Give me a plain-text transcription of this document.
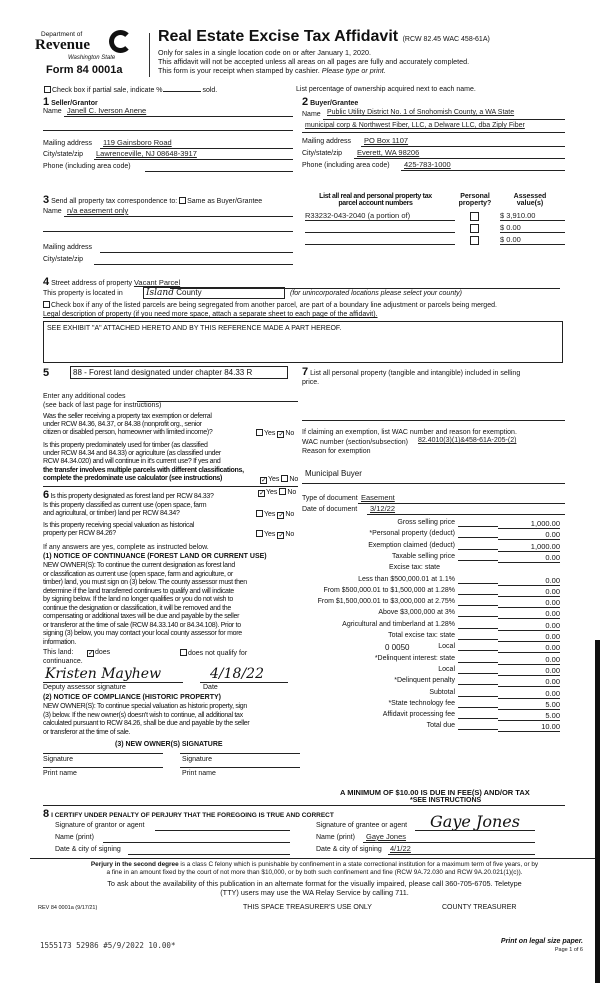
Department of
Revenue
Washington State
Form 84 0001a
Real Estate Excise Tax Affidavit (RCW 82.45 WAC 458-61A)
Only for sales in a single location code on or after January 1, 2020.
This affidavit will not be accepted unless all areas on all pages are fully and accurately completed.
This form is your receipt when stamped by cashier. Please type or print.
Check box if partial sale, indicate %	sold.	List percentage of ownership acquired next to each name.
1 Seller/Grantor
Name Janell C. Iverson Anene
Mailing address 119 Gainsboro Road
City/state/zip Lawrenceville, NJ 08648-3917
Phone (including area code)
2 Buyer/Grantee
Name Public Utility District No. 1 of Snohomish County, a WA State
municipal corp & Northwest Fiber, LLC, a Delware LLC, dba Ziply Fiber
Mailing address PO Box 1107
City/state/zip Everett, WA 98206
Phone (including area code) 425-783-1000
3 Send all property tax correspondence to: Same as Buyer/Grantee
Name n/a easement only
Mailing address
City/state/zip
List all real and personal property tax
parcel account numbers
Personal
property?
Assessed
value(s)
R33232-043-2040 (a portion of)	$ 3,910.00
$ 0.00
$ 0.00
4 Street address of property Vacant Parcel
This property is located in	Island County	(for unincorporated locations please select your county)
Check box if any of the listed parcels are being segregated from another parcel, are part of a boundary line adjustment or parcels being merged.
Legal description of property (if you need more space, attach a separate sheet to each page of the affidavit).
SEE EXHIBIT "A" ATTACHED HERETO AND BY THIS REFERENCE MADE A PART HEREOF.
5	88 - Forest land designated under chapter 84.33 R
Enter any additional codes
(see back of last page for instructions)
Was the seller receiving a property tax exemption or deferral
under RCW 84.36, 84.37, or 84.38 (nonprofit org., senior
citizen or disabled person, homeowner with limited income)?	Yes ✓No
Is this property predominately used for timber (as classified
under RCW 84.34 and 84.33) or agriculture (as classified under
RCW 84.34.020) and will continue in it's current use? If yes and
the transfer involves multiple parcels with different classifications,
complete the predominate use calculator (see instructions)	✓Yes No
6 Is this property designated as forest land per RCW 84.33?	✓Yes No
Is this property classified as current use (open space, farm
and agricultural, or timber) land per RCW 84.34?	Yes ✓No
Is this property receiving special valuation as historical
property per RCW 84.26?	Yes ✓No
If any answers are yes, complete as instructed below.
(1) NOTICE OF CONTINUANCE (FOREST LAND OR CURRENT USE)
NEW OWNER(S): To continue the current designation as forest land
or classification as current use (open space, farm and agriculture, or
timber) land, you must sign on (3) below. The county assessor must then
determine if the land transferred continues to qualify and will indicate
by signing below. If the land no longer qualifies or you do not wish to
continue the designation or classification, it will be removed and the
compensating or additional taxes will be due and payable by the seller
or transferor at the time of sale (RCW 84.33.140 or 84.34.108). Prior to
signing (3) below, you may contact your local county assessor for more
information.
This land: ✓does	does not qualify for
continuance.
Kristen Mayhew	4/18/22
Deputy assessor signature	Date
(2) NOTICE OF COMPLIANCE (HISTORIC PROPERTY)
NEW OWNER(S): To continue special valuation as historic property, sign
(3) below. If the new owner(s) doesn't wish to continue, all additional tax
calculated pursuant to RCW 84.26, shall be due and payable by the seller
or transferor at the time of sale.
(3) NEW OWNER(S) SIGNATURE
Signature	Signature
Print name	Print name
7 List all personal property (tangible and intangible) included in selling
price.
If claiming an exemption, list WAC number and reason for exemption.
WAC number (section/subsection) 82.4010(3)(1)&458-61A-205-(2)
Reason for exemption
Municipal Buyer
Type of document Easement
Date of document 3/12/22
Gross selling price	1,000.00
*Personal property (deduct)	0.00
Exemption claimed (deduct)	1,000.00
Taxable selling price	0.00
Excise tax: state
Less than $500,000.01 at 1.1%	0.00
From $500,000.01 to $1,500,000 at 1.28%	0.00
From $1,500,000.01 to $3,000,000 at 2.75%	0.00
Above $3,000,000 at 3%	0.00
Agricultural and timberland at 1.28%	0.00
Total excise tax: state	0.00
Local	0.00
*Delinquent interest: state	0.00
Local	0.00
*Delinquent penalty	0.00
Subtotal	0.00
*State technology fee	5.00
Affidavit processing fee	5.00
Total due	10.00
0 0050
A MINIMUM OF $10.00 IS DUE IN FEE(S) AND/OR TAX
*SEE INSTRUCTIONS
8 I CERTIFY UNDER PENALTY OF PERJURY THAT THE FOREGOING IS TRUE AND CORRECT
Signature of grantor or agent
Name (print)
Date & city of signing
Signature of grantee or agent Gaye Jones
Name (print) Gaye Jones
Date & city of signing 4/1/22
Perjury in the second degree is a class C felony which is punishable by confinement in a state correctional institution for a maximum term of five years, or by
a fine in an amount fixed by the court of not more than $10,000, or by both such confinement and fine (RCW 9A.72.030 and RCW 9A.20.021(1)(c)).
To ask about the availability of this publication in an alternate format for the visually impaired, please call 360-705-6705. Teletype
(TTY) users may use the WA Relay Service by calling 711.
REV 84 0001a (9/17/21)	THIS SPACE TREASURER'S USE ONLY	COUNTY TREASURER
1555173 52986 #5/9/2022 10.00*	Print on legal size paper.
Page 1 of 6
